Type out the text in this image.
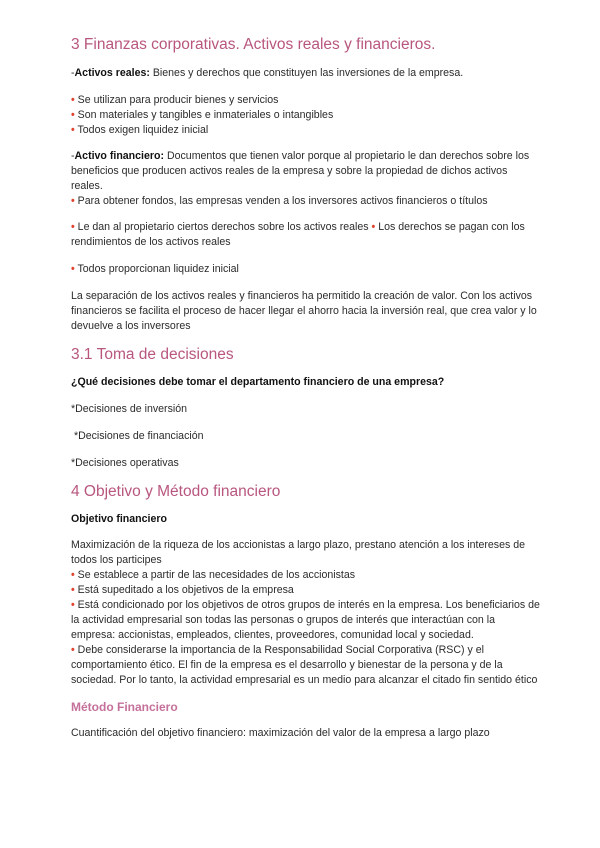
3 Finanzas corporativas. Activos reales y financieros.

-Activos reales: Bienes y derechos que constituyen las inversiones de la empresa.

• Se utilizan para producir bienes y servicios

• Son materiales y tangibles e inmateriales o intangibles

• Todos exigen liquidez inicial

-Activo financiero: Documentos que tienen valor porque al propietario le dan derechos sobre los beneficios que producen activos reales de la empresa y sobre la propiedad de dichos activos reales.

• Para obtener fondos, las empresas venden a los inversores activos financieros o títulos

• Le dan al propietario ciertos derechos sobre los activos reales • Los derechos se pagan con los rendimientos de los activos reales

• Todos proporcionan liquidez inicial

La separación de los activos reales y financieros ha permitido la creación de valor. Con los activos financieros se facilita el proceso de hacer llegar el ahorro hacia la inversión real, que crea valor y lo devuelve a los inversores

3.1 Toma de decisiones

¿Qué decisiones debe tomar el departamento financiero de una empresa?

*Decisiones de inversión

*Decisiones de financiación

*Decisiones operativas

4 Objetivo y Método financiero

Objetivo financiero

Maximización de la riqueza de los accionistas a largo plazo, prestano atención a los intereses de todos los participes

• Se establece a partir de las necesidades de los accionistas

• Está supeditado a los objetivos de la empresa

• Está condicionado por los objetivos de otros grupos de interés en la empresa. Los beneficiarios de la actividad empresarial son todas las personas o grupos de interés que interactúan con la empresa: accionistas, empleados, clientes, proveedores, comunidad local y sociedad.

• Debe considerarse la importancia de la Responsabilidad Social Corporativa (RSC) y el comportamiento ético. El fin de la empresa es el desarrollo y bienestar de la persona y de la sociedad. Por lo tanto, la actividad empresarial es un medio para alcanzar el citado fin sentido ético

Método Financiero

Cuantificación del objetivo financiero: maximización del valor de la empresa a largo plazo
